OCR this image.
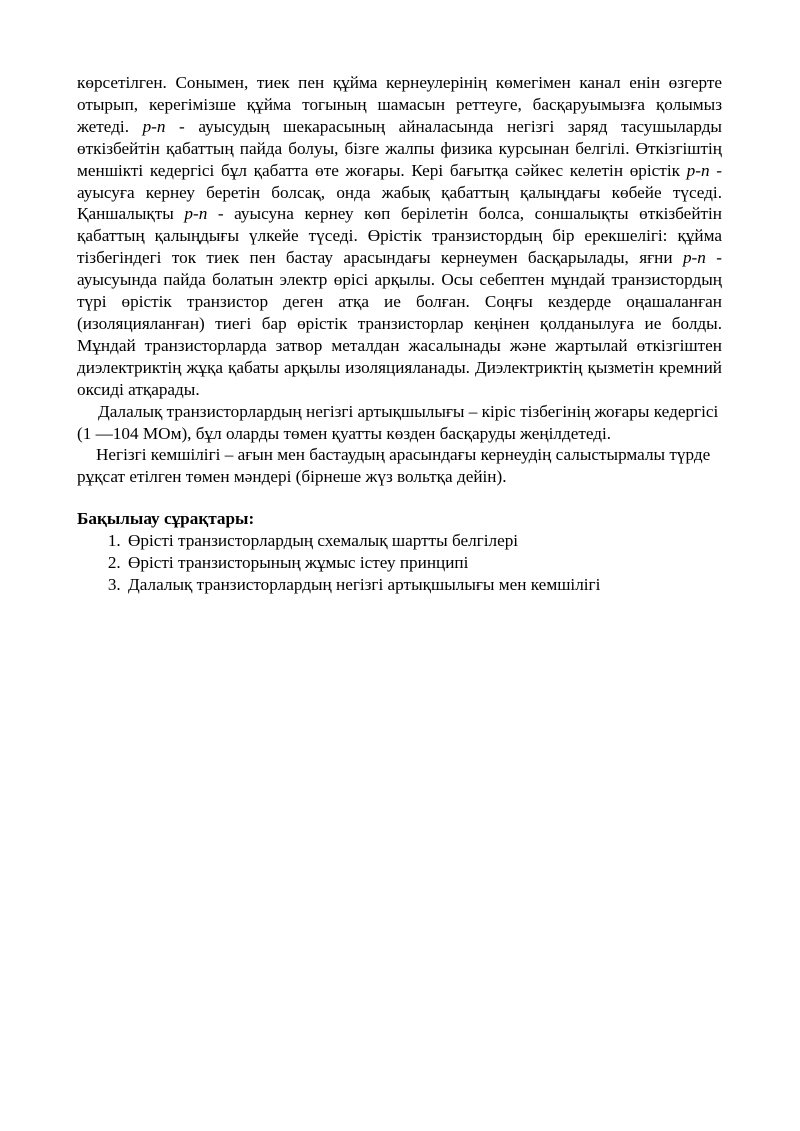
көрсетілген. Сонымен, тиек пен құйма кернеулерінің көмегімен канал енін өзгерте отырып, керегімізше құйма тогының шамасын реттеуге, басқаруымызға қолымыз жетеді. p-n - ауысудың шекарасының айналасында негізгі заряд тасушыларды өткізбейтін қабаттың пайда болуы, бізге жалпы физика курсынан белгілі. Өткізгіштің меншікті кедергісі бұл қабатта өте жоғары. Кері бағытқа сәйкес келетін өрістік p-n - ауысуға кернеу беретін болсақ, онда жабық қабаттың қалыңдағы көбейе түседі. Қаншалықты p-n - ауысуна кернеу көп берілетін болса, соншалықты өткізбейтін қабаттың қалыңдығы үлкейе түседі. Өрістік транзистордың бір ерекшелігі: құйма тізбегіндегі ток тиек пен бастау арасындағы кернеумен басқарылады, яғни p-n - ауысуында пайда болатын электр өрісі арқылы. Осы себептен мұндай транзистордың түрі өрістік транзистор деген атқа ие болған. Соңғы кездерде оңашаланған (изоляцияланған) тиегі бар өрістік транзисторлар кеңінен қолданылуға ие болды. Мұндай транзисторларда затвор металдан жасалынады және жартылай өткізгіштен диэлектриктің жұқа қабаты арқылы изоляцияланады. Диэлектриктің қызметін кремний оксиді атқарады.

Далалық транзисторлардың негізгі артықшылығы – кіріс тізбегінің жоғары кедергісі (1 —104 МОм), бұл оларды төмен қуатты көзден басқаруды жеңілдетеді.

Негізгі кемшілігі – ағын мен бастаудың арасындағы кернеудің салыстырмалы түрде рұқсат етілген төмен мәндері (бірнеше жүз вольтқа дейін).

Бақылыау сұрақтары:

1. Өрісті транзисторлардың схемалық шартты белгілері
2. Өрісті транзисторының жұмыс істеу принципі
3. Далалық транзисторлардың негізгі артықшылығы мен кемшілігі
